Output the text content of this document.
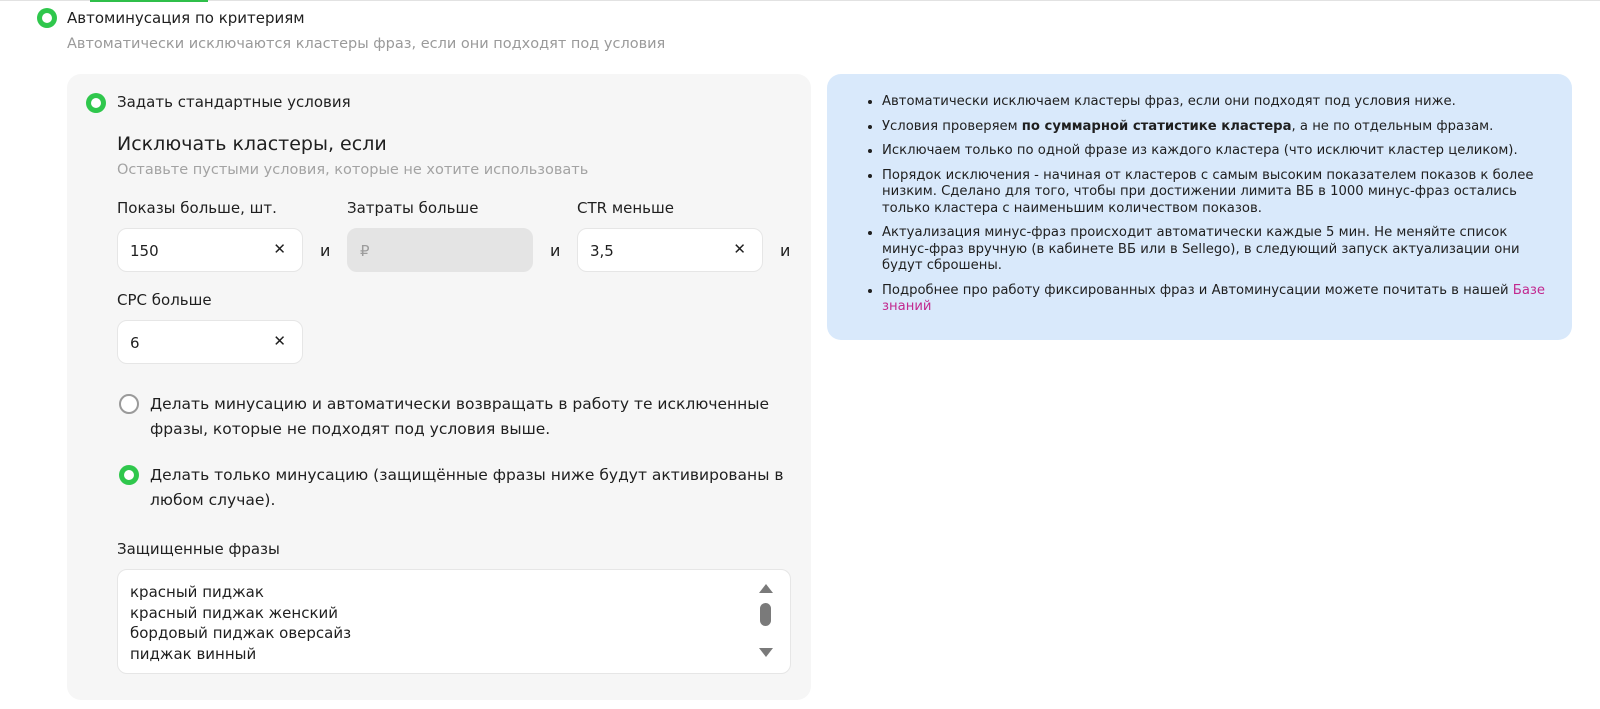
Автоминусация по критериям
Автоматически исключаются кластеры фраз, если они подходят под условия
Задать стандартные условия
Исключать кластеры, если
Оставьте пустыми условия, которые не хотите использовать
Показы больше, шт.
150	✕ и
Затраты больше
₽	и
CTR меньше
3,5	✕ и
CPC больше
6	✕
Делать минусацию и автоматически возвращать в работу те исключенные фразы, которые не подходят под условия выше.
Делать только минусацию (защищённые фразы ниже будут активированы в любом случае).
Защищенные фразы
красный пиджак
красный пиджак женский
бордовый пиджак оверсайз
пиджак винный
• Автоматически исключаем кластеры фраз, если они подходят под условия ниже.
• Условия проверяем по суммарной статистике кластера, а не по отдельным фразам.
• Исключаем только по одной фразе из каждого кластера (что исключит кластер целиком).
• Порядок исключения - начиная от кластеров с самым высоким показателем показов к более низким. Сделано для того, чтобы при достижении лимита ВБ в 1000 минус-фраз остались только кластера с наименьшим количеством показов.
• Актуализация минус-фраз происходит автоматически каждые 5 мин. Не меняйте список минус-фраз вручную (в кабинете ВБ или в Sellego), в следующий запуск актуализации они будут сброшены.
• Подробнее про работу фиксированных фраз и Автоминусации можете почитать в нашей Базе знаний
